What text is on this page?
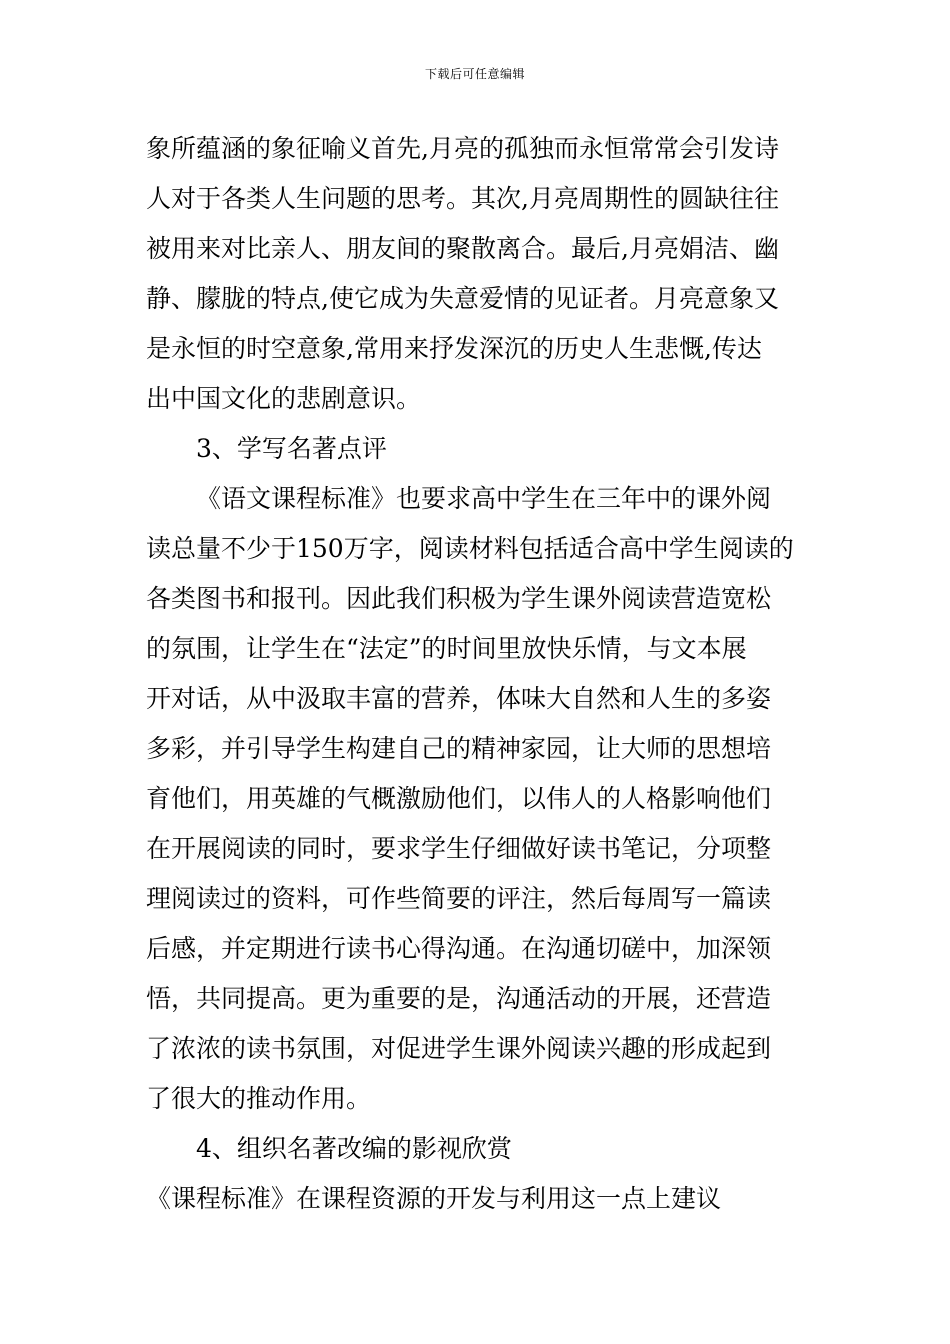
下载后可任意编辑
象所蕴涵的象征喻义首先,月亮的孤独而永恒常常会引发诗
人对于各类人生问题的思考。其次,月亮周期性的圆缺往往
被用来对比亲人、朋友间的聚散离合。最后,月亮娟洁、幽
静、朦胧的特点,使它成为失意爱情的见证者。月亮意象又
是永恒的时空意象,常用来抒发深沉的历史人生悲慨,传达
出中国文化的悲剧意识。
3、学写名著点评
《语文课程标准》也要求高中学生在三年中的课外阅
读总量不少于150万字，阅读材料包括适合高中学生阅读的
各类图书和报刊。因此我们积极为学生课外阅读营造宽松
的氛围，让学生在“法定”的时间里放快乐情，与文本展
开对话，从中汲取丰富的营养，体味大自然和人生的多姿
多彩，并引导学生构建自己的精神家园，让大师的思想培
育他们，用英雄的气概激励他们，以伟人的人格影响他们
在开展阅读的同时，要求学生仔细做好读书笔记，分项整
理阅读过的资料，可作些简要的评注，然后每周写一篇读
后感，并定期进行读书心得沟通。在沟通切磋中，加深领
悟，共同提高。更为重要的是，沟通活动的开展，还营造
了浓浓的读书氛围，对促进学生课外阅读兴趣的形成起到
了很大的推动作用。
4、组织名著改编的影视欣赏
《课程标准》在课程资源的开发与利用这一点上建议
